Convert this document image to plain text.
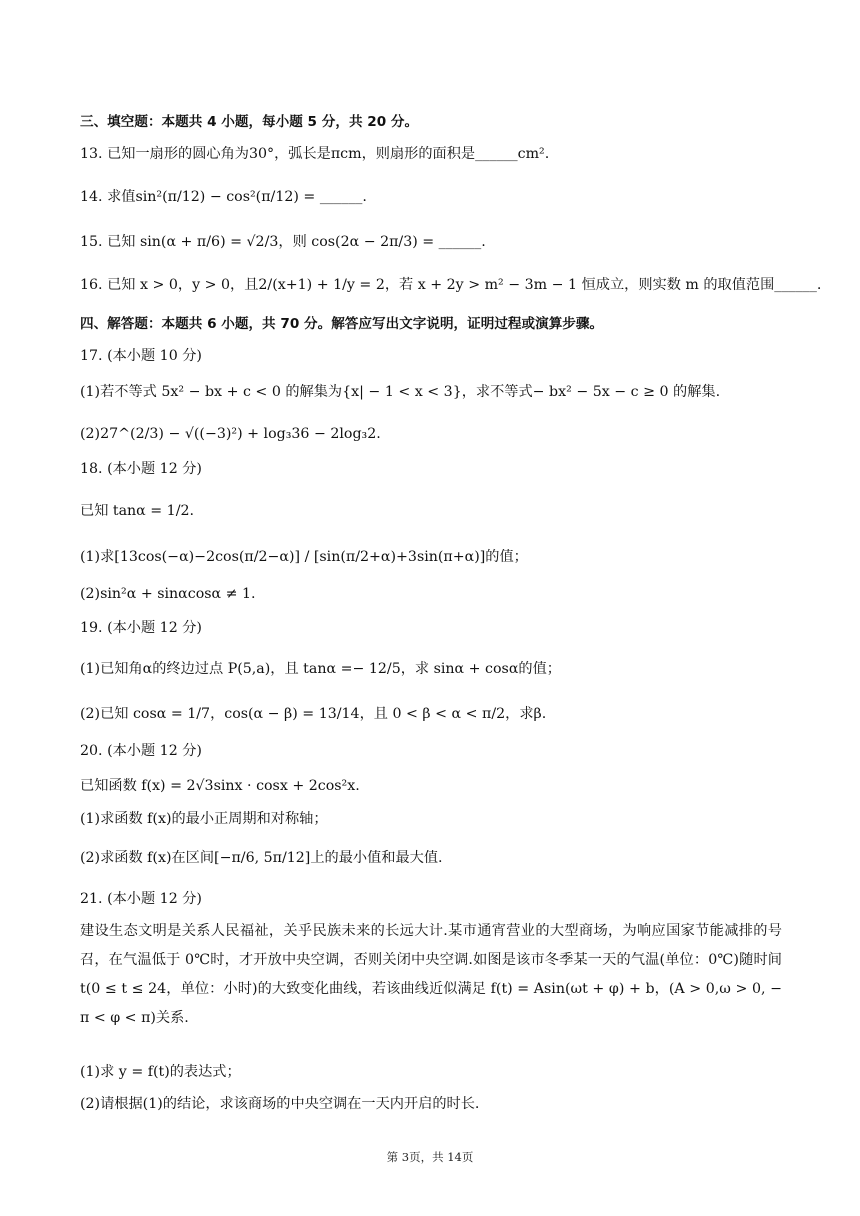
三、填空题：本题共 4 小题，每小题 5 分，共 20 分。
13. 已知一扇形的圆心角为30°，弧长是πcm，则扇形的面积是______cm².
14. 求值sin²(π/12) − cos²(π/12) = ______.
15. 已知 sin(α + π/6) = √2/3，则 cos(2α − 2π/3) = ______.
16. 已知 x > 0，y > 0，且2/(x+1) + 1/y = 2，若 x + 2y > m² − 3m − 1 恒成立，则实数 m 的取值范围______.
四、解答题：本题共 6 小题，共 70 分。解答应写出文字说明，证明过程或演算步骤。
17. (本小题 10 分)
(1)若不等式 5x² − bx + c < 0 的解集为{x| − 1 < x < 3}，求不等式− bx² − 5x − c ≥ 0 的解集.
(2)27^(2/3) − √((−3)²) + log₃36 − 2log₃2.
18. (本小题 12 分)
已知 tanα = 1/2.
(1)求[13cos(−α)−2cos(π/2−α)] / [sin(π/2+α)+3sin(π+α)]的值；
(2)sin²α + sinαcosα ≠ 1.
19. (本小题 12 分)
(1)已知角α的终边过点 P(5,a)，且 tanα =− 12/5，求 sinα + cosα的值；
(2)已知 cosα = 1/7，cos(α − β) = 13/14，且 0 < β < α < π/2，求β.
20. (本小题 12 分)
已知函数 f(x) = 2√3sinx · cosx + 2cos²x.
(1)求函数 f(x)的最小正周期和对称轴；
(2)求函数 f(x)在区间[−π/6, 5π/12]上的最小值和最大值.
21. (本小题 12 分)
建设生态文明是关系人民福祉，关乎民族未来的长远大计.某市通宵营业的大型商场，为响应国家节能减排的号召，在气温低于 0℃时，才开放中央空调，否则关闭中央空调.如图是该市冬季某一天的气温(单位：0℃)随时间 t(0 ≤ t ≤ 24，单位：小时)的大致变化曲线，若该曲线近似满足 f(t) = Asin(ωt + φ) + b，(A > 0,ω > 0, − π < φ < π)关系.
(1)求 y = f(t)的表达式；
(2)请根据(1)的结论，求该商场的中央空调在一天内开启的时长.
第 3页，共 14页
